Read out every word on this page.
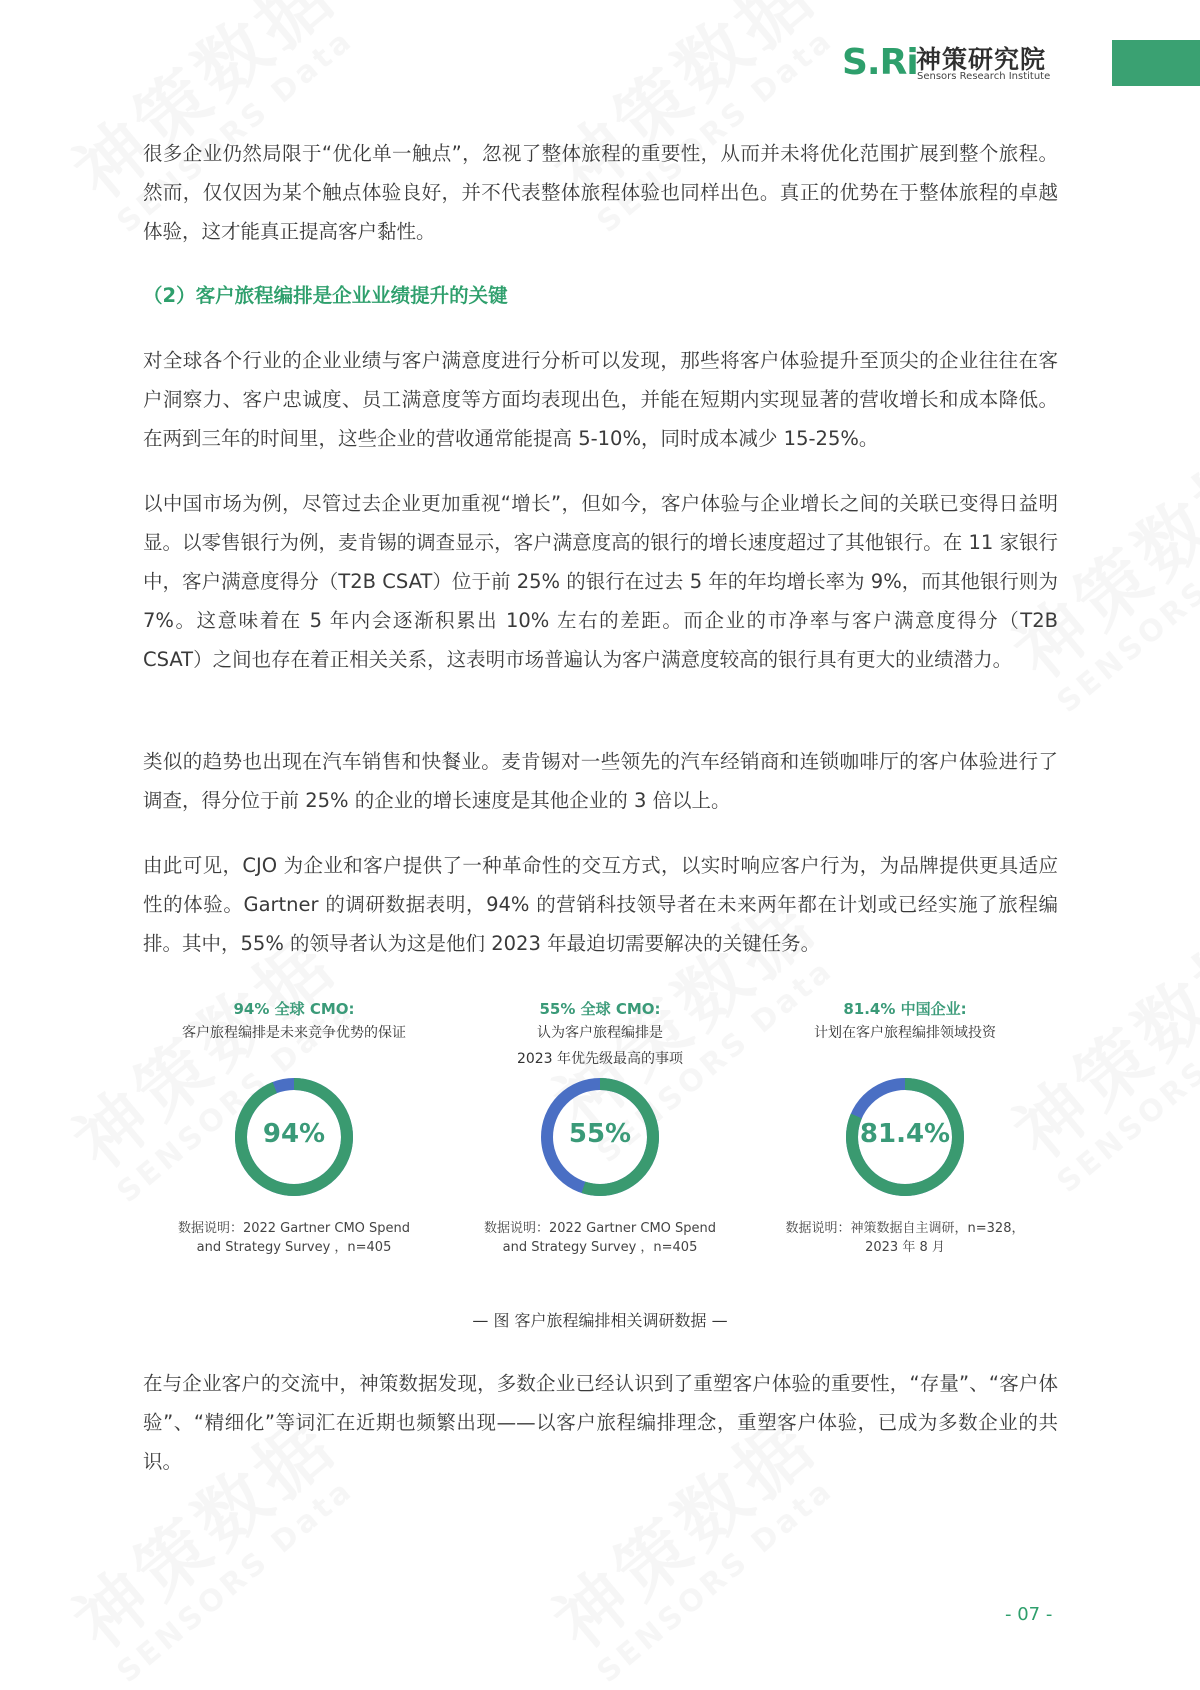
S.Ri
神策研究院
Sensors Research Institute

很多企业仍然局限于“优化单一触点”，忽视了整体旅程的重要性，从而并未将优化范围扩展到整个旅程。然而，仅仅因为某个触点体验良好，并不代表整体旅程体验也同样出色。真正的优势在于整体旅程的卓越体验，这才能真正提高客户黏性。

（2）客户旅程编排是企业业绩提升的关键

对全球各个行业的企业业绩与客户满意度进行分析可以发现，那些将客户体验提升至顶尖的企业往往在客户洞察力、客户忠诚度、员工满意度等方面均表现出色，并能在短期内实现显著的营收增长和成本降低。在两到三年的时间里，这些企业的营收通常能提高 5-10%，同时成本减少 15-25%。

以中国市场为例，尽管过去企业更加重视“增长”，但如今，客户体验与企业增长之间的关联已变得日益明显。以零售银行为例，麦肯锡的调查显示，客户满意度高的银行的增长速度超过了其他银行。在 11 家银行中，客户满意度得分（T2B CSAT）位于前 25% 的银行在过去 5 年的年均增长率为 9%，而其他银行则为 7%。这意味着在 5 年内会逐渐积累出 10% 左右的差距。而企业的市净率与客户满意度得分（T2B CSAT）之间也存在着正相关关系，这表明市场普遍认为客户满意度较高的银行具有更大的业绩潜力。

类似的趋势也出现在汽车销售和快餐业。麦肯锡对一些领先的汽车经销商和连锁咖啡厅的客户体验进行了调查，得分位于前 25% 的企业的增长速度是其他企业的 3 倍以上。

由此可见，CJO 为企业和客户提供了一种革命性的交互方式，以实时响应客户行为，为品牌提供更具适应性的体验。Gartner 的调研数据表明，94% 的营销科技领导者在未来两年都在计划或已经实施了旅程编排。其中，55% 的领导者认为这是他们 2023 年最迫切需要解决的关键任务。

94% 全球 CMO:
客户旅程编排是未来竞争优势的保证
55% 全球 CMO:
认为客户旅程编排是
2023 年优先级最高的事项
81.4% 中国企业:
计划在客户旅程编排领域投资
94%	55%	81.4%
数据说明：2022 Gartner CMO Spend
and Strategy Survey ，n=405
数据说明：2022 Gartner CMO Spend
and Strategy Survey ，n=405
数据说明：神策数据自主调研，n=328，
2023 年 8 月
— 图 客户旅程编排相关调研数据 —

在与企业客户的交流中，神策数据发现，多数企业已经认识到了重塑客户体验的重要性，“存量”、“客户体验”、“精细化”等词汇在近期也频繁出现——以客户旅程编排理念，重塑客户体验，已成为多数企业的共识。

- 07 -
